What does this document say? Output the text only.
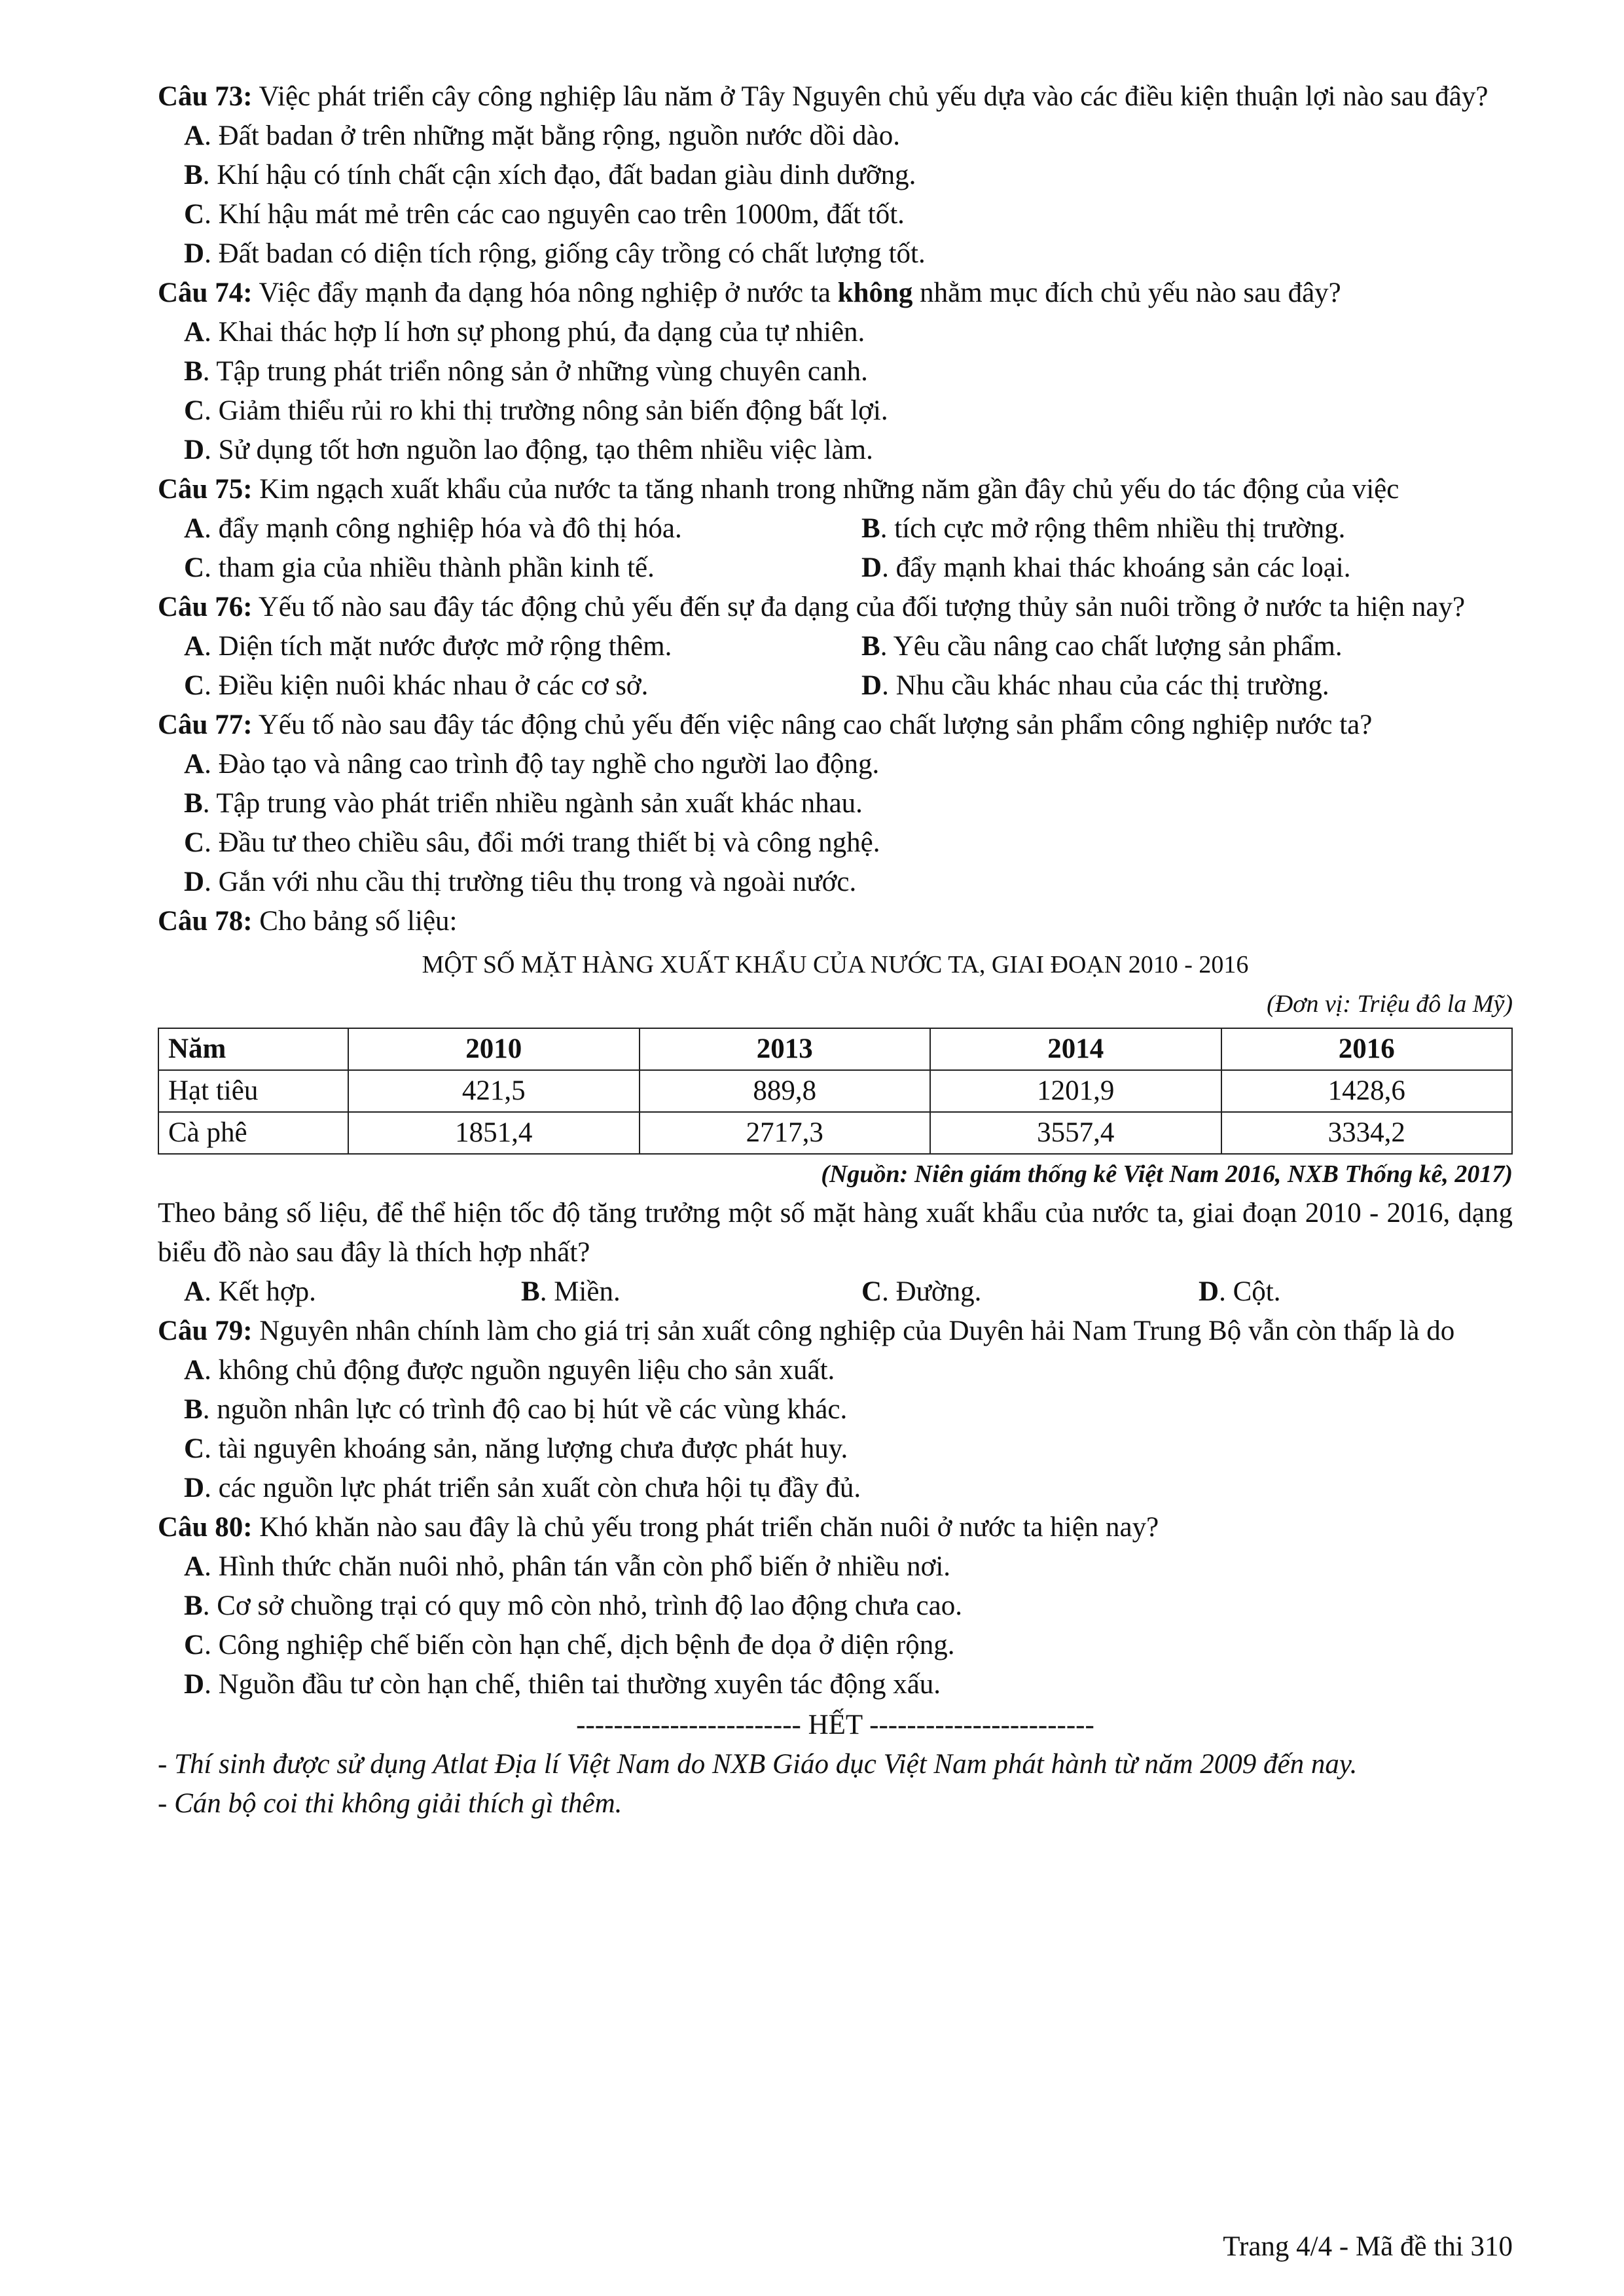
Câu 73: Việc phát triển cây công nghiệp lâu năm ở Tây Nguyên chủ yếu dựa vào các điều kiện thuận lợi nào sau đây?
A. Đất badan ở trên những mặt bằng rộng, nguồn nước dồi dào.
B. Khí hậu có tính chất cận xích đạo, đất badan giàu dinh dưỡng.
C. Khí hậu mát mẻ trên các cao nguyên cao trên 1000m, đất tốt.
D. Đất badan có diện tích rộng, giống cây trồng có chất lượng tốt.
Câu 74: Việc đẩy mạnh đa dạng hóa nông nghiệp ở nước ta không nhằm mục đích chủ yếu nào sau đây?
A. Khai thác hợp lí hơn sự phong phú, đa dạng của tự nhiên.
B. Tập trung phát triển nông sản ở những vùng chuyên canh.
C. Giảm thiểu rủi ro khi thị trường nông sản biến động bất lợi.
D. Sử dụng tốt hơn nguồn lao động, tạo thêm nhiều việc làm.
Câu 75: Kim ngạch xuất khẩu của nước ta tăng nhanh trong những năm gần đây chủ yếu do tác động của việc
A. đẩy mạnh công nghiệp hóa và đô thị hóa.	B. tích cực mở rộng thêm nhiều thị trường.
C. tham gia của nhiều thành phần kinh tế.	D. đẩy mạnh khai thác khoáng sản các loại.
Câu 76: Yếu tố nào sau đây tác động chủ yếu đến sự đa dạng của đối tượng thủy sản nuôi trồng ở nước ta hiện nay?
A. Diện tích mặt nước được mở rộng thêm.	B. Yêu cầu nâng cao chất lượng sản phẩm.
C. Điều kiện nuôi khác nhau ở các cơ sở.	D. Nhu cầu khác nhau của các thị trường.
Câu 77: Yếu tố nào sau đây tác động chủ yếu đến việc nâng cao chất lượng sản phẩm công nghiệp nước ta?
A. Đào tạo và nâng cao trình độ tay nghề cho người lao động.
B. Tập trung vào phát triển nhiều ngành sản xuất khác nhau.
C. Đầu tư theo chiều sâu, đổi mới trang thiết bị và công nghệ.
D. Gắn với nhu cầu thị trường tiêu thụ trong và ngoài nước.
Câu 78: Cho bảng số liệu:
MỘT SỐ MẶT HÀNG XUẤT KHẨU CỦA NƯỚC TA, GIAI ĐOẠN 2010 - 2016
(Đơn vị: Triệu đô la Mỹ)
Năm	2010	2013	2014	2016
Hạt tiêu	421,5	889,8	1201,9	1428,6
Cà phê	1851,4	2717,3	3557,4	3334,2
(Nguồn: Niên giám thống kê Việt Nam 2016, NXB Thống kê, 2017)
Theo bảng số liệu, để thể hiện tốc độ tăng trưởng một số mặt hàng xuất khẩu của nước ta, giai đoạn 2010 - 2016, dạng biểu đồ nào sau đây là thích hợp nhất?
A. Kết hợp.	B. Miền.	C. Đường.	D. Cột.
Câu 79: Nguyên nhân chính làm cho giá trị sản xuất công nghiệp của Duyên hải Nam Trung Bộ vẫn còn thấp là do
A. không chủ động được nguồn nguyên liệu cho sản xuất.
B. nguồn nhân lực có trình độ cao bị hút về các vùng khác.
C. tài nguyên khoáng sản, năng lượng chưa được phát huy.
D. các nguồn lực phát triển sản xuất còn chưa hội tụ đầy đủ.
Câu 80: Khó khăn nào sau đây là chủ yếu trong phát triển chăn nuôi ở nước ta hiện nay?
A. Hình thức chăn nuôi nhỏ, phân tán vẫn còn phổ biến ở nhiều nơi.
B. Cơ sở chuồng trại có quy mô còn nhỏ, trình độ lao động chưa cao.
C. Công nghiệp chế biến còn hạn chế, dịch bệnh đe dọa ở diện rộng.
D. Nguồn đầu tư còn hạn chế, thiên tai thường xuyên tác động xấu.
------------------------ HẾT ------------------------
- Thí sinh được sử dụng Atlat Địa lí Việt Nam do NXB Giáo dục Việt Nam phát hành từ năm 2009 đến nay.
- Cán bộ coi thi không giải thích gì thêm.
Trang 4/4 - Mã đề thi 310
